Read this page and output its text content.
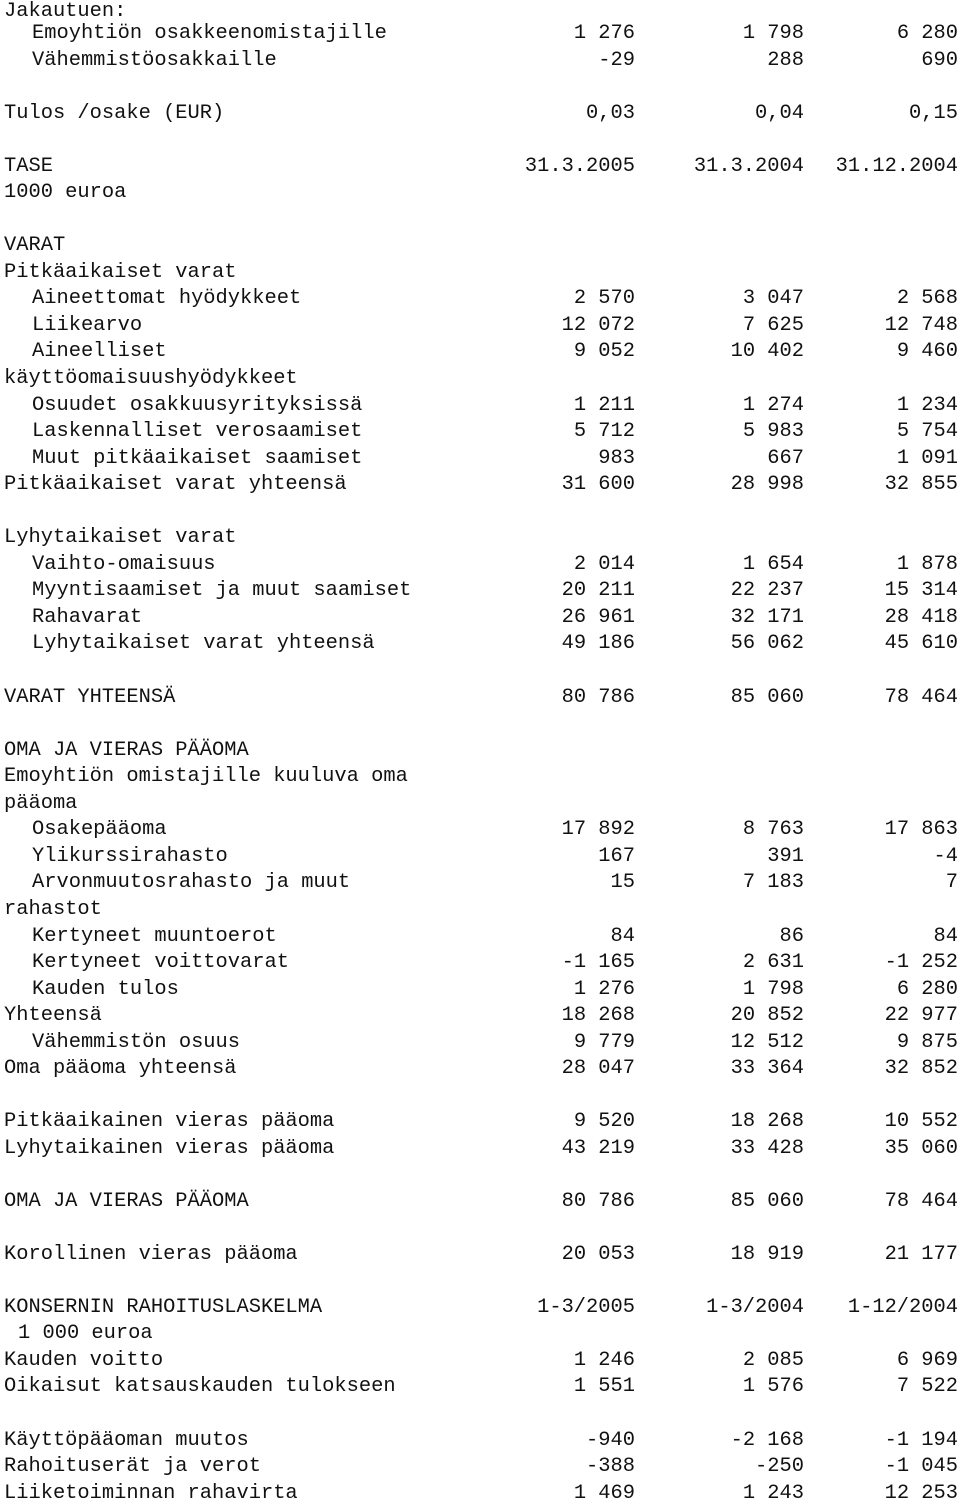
Jakautuen:
Emoyhtiön osakkeenomistajille	1 276	1 798	6 280
Vähemmistöosakkaille	-29	288	690
Tulos /osake (EUR)	0,03	0,04	0,15
TASE	31.3.2005	31.3.2004 31.12.2004
1000 euroa
VARAT
Pitkäaikaiset varat
Aineettomat hyödykkeet	2 570	3 047	2 568
Liikearvo	12 072	7 625	12 748
Aineelliset	9 052	10 402	9 460
käyttöomaisuushyödykkeet
Osuudet osakkuusyrityksissä	1 211	1 274	1 234
Laskennalliset verosaamiset	5 712	5 983	5 754
Muut pitkäaikaiset saamiset	983	667	1 091
Pitkäaikaiset varat yhteensä	31 600	28 998	32 855
Lyhytaikaiset varat
Vaihto-omaisuus	2 014	1 654	1 878
Myyntisaamiset ja muut saamiset	20 211	22 237	15 314
Rahavarat	26 961	32 171	28 418
Lyhytaikaiset varat yhteensä	49 186	56 062	45 610
VARAT YHTEENSÄ	80 786	85 060	78 464
OMA JA VIERAS PÄÄOMA
Emoyhtiön omistajille kuuluva oma
pääoma
Osakepääoma	17 892	8 763	17 863
Ylikurssirahasto	167	391	-4
Arvonmuutosrahasto ja muut	15	7 183	7
rahastot
Kertyneet muuntoerot	84	86	84
Kertyneet voittovarat	-1 165	2 631	-1 252
Kauden tulos	1 276	1 798	6 280
Yhteensä	18 268	20 852	22 977
Vähemmistön osuus	9 779	12 512	9 875
Oma pääoma yhteensä	28 047	33 364	32 852
Pitkäaikainen vieras pääoma	9 520	18 268	10 552
Lyhytaikainen vieras pääoma	43 219	33 428	35 060
OMA JA VIERAS PÄÄOMA	80 786	85 060	78 464
Korollinen vieras pääoma	20 053	18 919	21 177
KONSERNIN RAHOITUSLASKELMA	1-3/2005	1-3/2004 1-12/2004
1 000 euroa
Kauden voitto	1 246	2 085	6 969
Oikaisut katsauskauden tulokseen	1 551	1 576	7 522
Käyttöpääoman muutos	-940	-2 168	-1 194
Rahoituserät ja verot	-388	-250	-1 045
Liiketoiminnan rahavirta	1 469	1 243	12 253
